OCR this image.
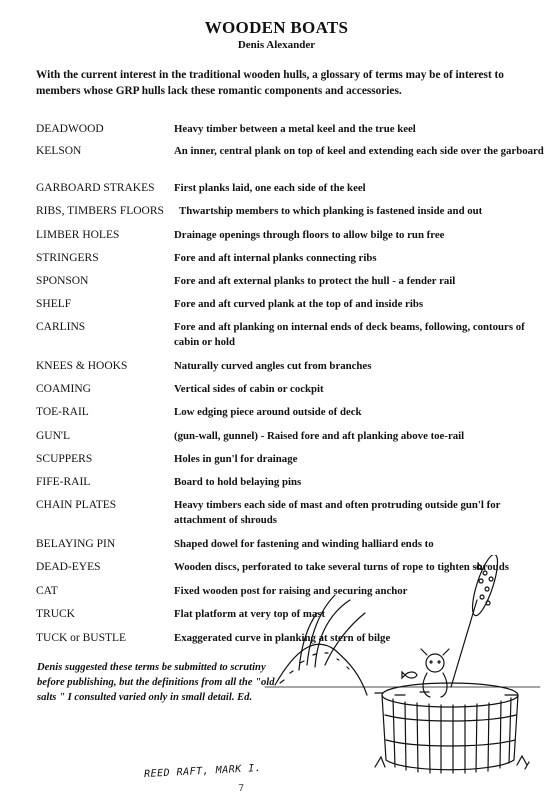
WOODEN BOATS
Denis Alexander

With the current interest in the traditional wooden hulls, a glossary of terms may be of interest to members whose GRP hulls lack these romantic components and accessories.

DEADWOOD	Heavy timber between a metal keel and the true keel
KELSON	An inner, central plank on top of keel and extending each side over the garboard
GARBOARD STRAKES First planks laid, one each side of the keel
RIBS, TIMBERS FLOORS Thwartship members to which planking is fastened inside and out
LIMBER HOLES	Drainage openings through floors to allow bilge to run free
STRINGERS	Fore and aft internal planks connecting ribs
SPONSON	Fore and aft external planks to protect the hull - a fender rail
SHELF	Fore and aft curved plank at the top of and inside ribs
CARLINS	Fore and aft planking on internal ends of deck beams, following, contours of cabin or hold
KNEES & HOOKS	Naturally curved angles cut from branches
COAMING	Vertical sides of cabin or cockpit
TOE-RAIL	Low edging piece around outside of deck
GUN'L	(gun-wall, gunnel) - Raised fore and aft planking above toe-rail
SCUPPERS	Holes in gun'l for drainage
FIFE-RAIL	Board to hold belaying pins
CHAIN PLATES	Heavy timbers each side of mast and often protruding outside gun'l for attachment of shrouds
BELAYING PIN	Shaped dowel for fastening and winding halliard ends to
DEAD-EYES	Wooden discs, perforated to take several turns of rope to tighten shrouds
CAT	Fixed wooden post for raising and securing anchor
TRUCK	Flat platform at very top of mast
TUCK or BUSTLE	Exaggerated curve in planking at stern of bilge

Denis suggested these terms be submitted to scrutiny before publishing, but the definitions from all the "old salts " I consulted varied only in small detail. Ed.

REED RAFT, MARK I.
7
